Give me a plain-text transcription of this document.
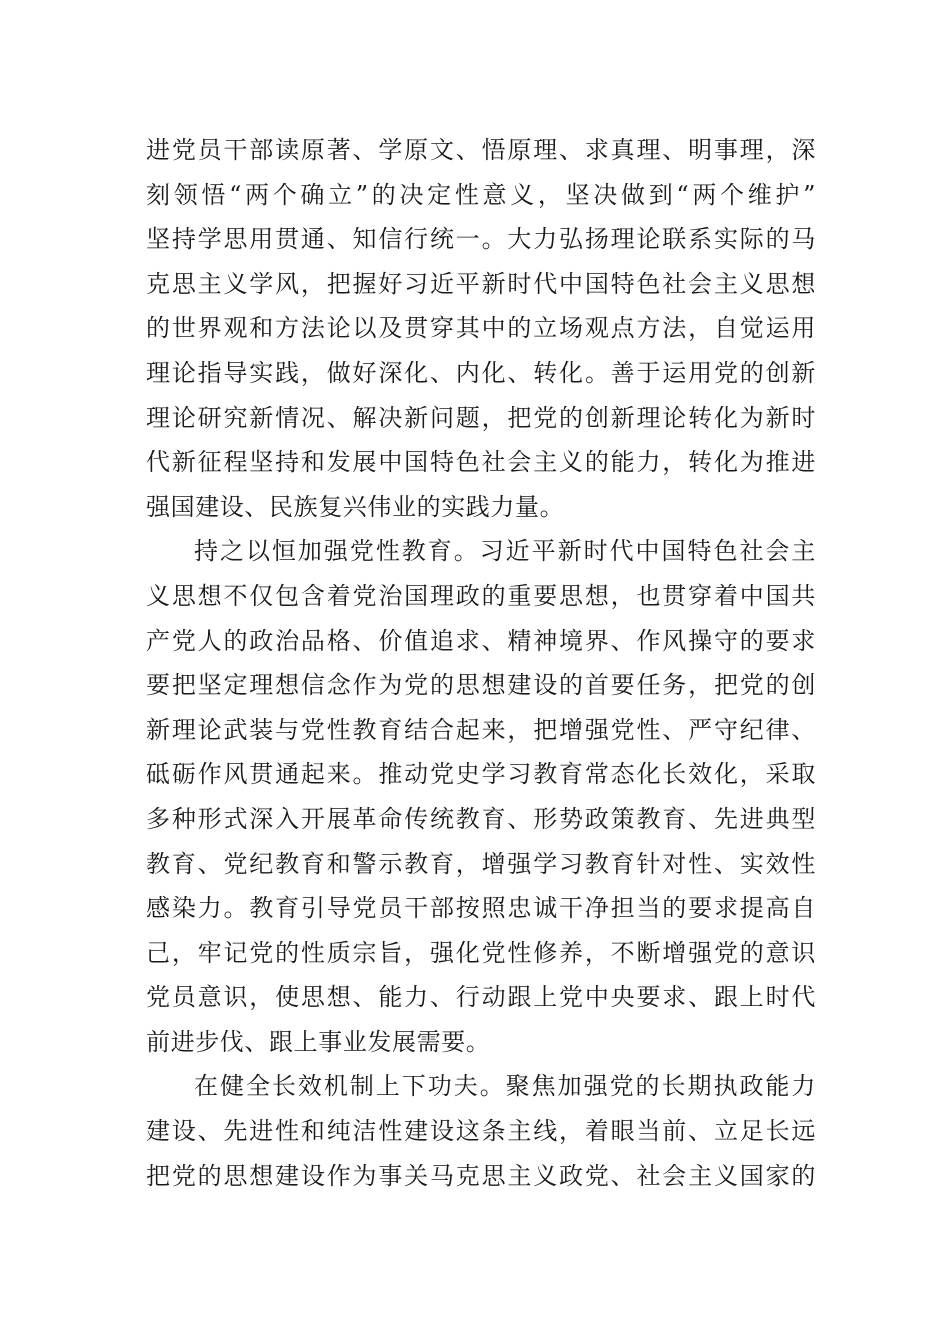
进党员干部读原著、学原文、悟原理、求真理、明事理，深
刻领悟“两个确立”的决定性意义，坚决做到“两个维护”
坚持学思用贯通、知信行统一。大力弘扬理论联系实际的马
克思主义学风，把握好习近平新时代中国特色社会主义思想
的世界观和方法论以及贯穿其中的立场观点方法，自觉运用
理论指导实践，做好深化、内化、转化。善于运用党的创新
理论研究新情况、解决新问题，把党的创新理论转化为新时
代新征程坚持和发展中国特色社会主义的能力，转化为推进
强国建设、民族复兴伟业的实践力量。
持之以恒加强党性教育。习近平新时代中国特色社会主
义思想不仅包含着党治国理政的重要思想，也贯穿着中国共
产党人的政治品格、价值追求、精神境界、作风操守的要求
要把坚定理想信念作为党的思想建设的首要任务，把党的创
新理论武装与党性教育结合起来，把增强党性、严守纪律、
砥砺作风贯通起来。推动党史学习教育常态化长效化，采取
多种形式深入开展革命传统教育、形势政策教育、先进典型
教育、党纪教育和警示教育，增强学习教育针对性、实效性
感染力。教育引导党员干部按照忠诚干净担当的要求提高自
己，牢记党的性质宗旨，强化党性修养，不断增强党的意识
党员意识，使思想、能力、行动跟上党中央要求、跟上时代
前进步伐、跟上事业发展需要。
在健全长效机制上下功夫。聚焦加强党的长期执政能力
建设、先进性和纯洁性建设这条主线，着眼当前、立足长远
把党的思想建设作为事关马克思主义政党、社会主义国家的
